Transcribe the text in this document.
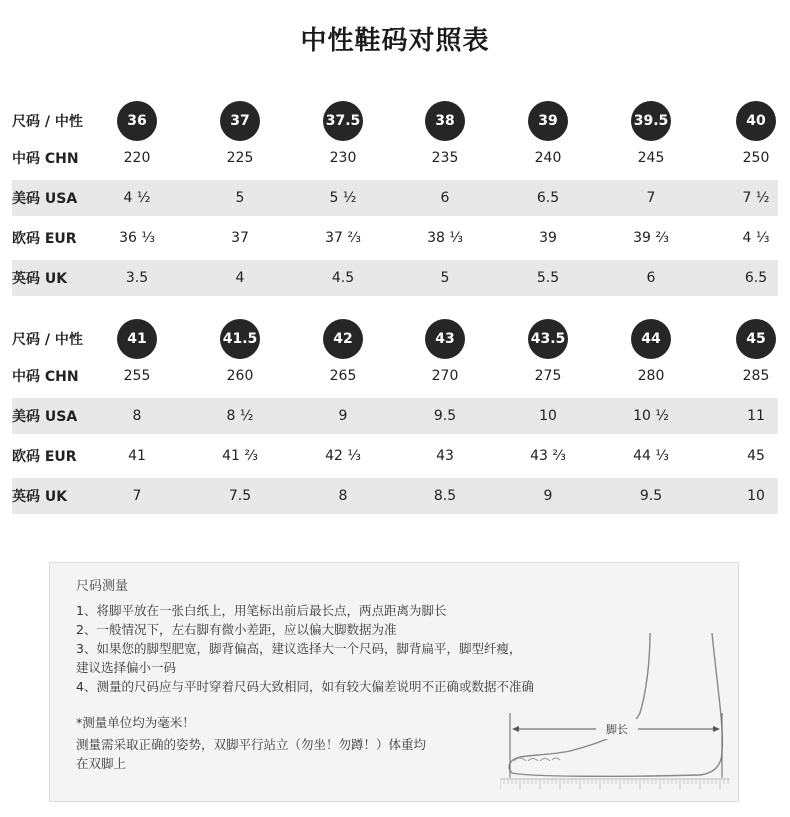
中性鞋码对照表
尺码 / 中性	36	37	37.5	38	39	39.5	40
中码 CHN	220	225	230	235	240	245	250
美码 USA	4 ½	5	5 ½	6	6.5	7	7 ½
欧码 EUR	36 ⅓	37	37 ⅔	38 ⅓	39	39 ⅔	4 ⅓
英码 UK	3.5	4	4.5	5	5.5	6	6.5
尺码 / 中性	41	41.5	42	43	43.5	44	45
中码 CHN	255	260	265	270	275	280	285
美码 USA	8	8 ½	9	9.5	10	10 ½	11
欧码 EUR	41	41 ⅔	42 ⅓	43	43 ⅔	44 ⅓	45
英码 UK	7	7.5	8	8.5	9	9.5	10
尺码测量
1、将脚平放在一张白纸上，用笔标出前后最长点，两点距离为脚长
2、一般情况下，左右脚有微小差距，应以偏大脚数据为准
3、如果您的脚型肥宽，脚背偏高，建议选择大一个尺码，脚背扁平，脚型纤瘦，
建议选择偏小一码
4、测量的尺码应与平时穿着尺码大致相同，如有较大偏差说明不正确或数据不准确
*测量单位均为毫米！
测量需采取正确的姿势，双脚平行站立（勿坐！勿蹲！）体重均
在双脚上
脚长
